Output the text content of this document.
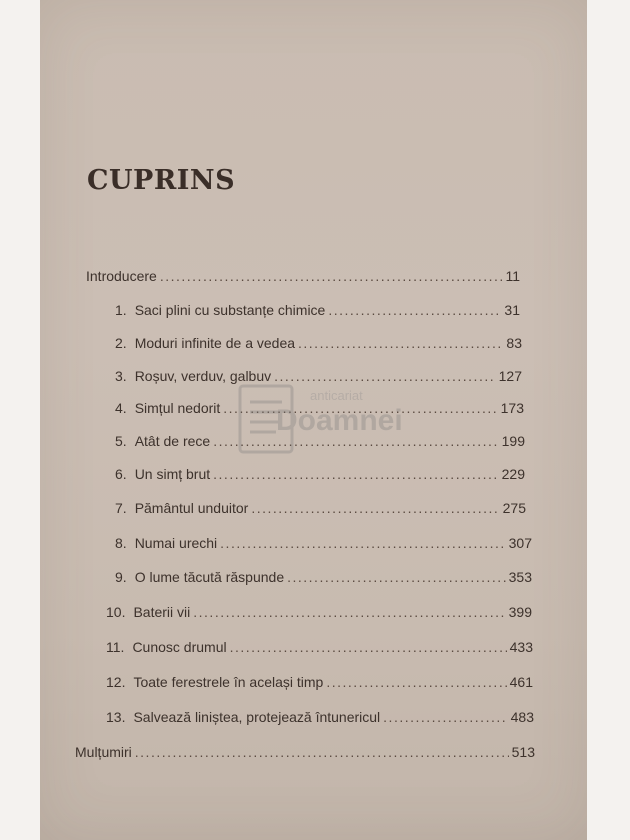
CUPRINS
Introducere .....	11
1. Saci plini cu substanțe chimice .....	31
2. Moduri infinite de a vedea .....	83
3. Roșuv, verduv, galbuv .....	127
4. Simțul nedorit .....	173
5. Atât de rece .....	199
6. Un simț brut .....	229
7. Pământul unduitor .....	275
8. Numai urechi .....	307
9. O lume tăcută răspunde .....	353
10. Baterii vii .....	399
11. Cunosc drumul .....	433
12. Toate ferestrele în același timp .....	461
13. Salvează liniștea, protejează întunericul .....	483
Mulțumiri .....	513
anticariat
Doamnei
